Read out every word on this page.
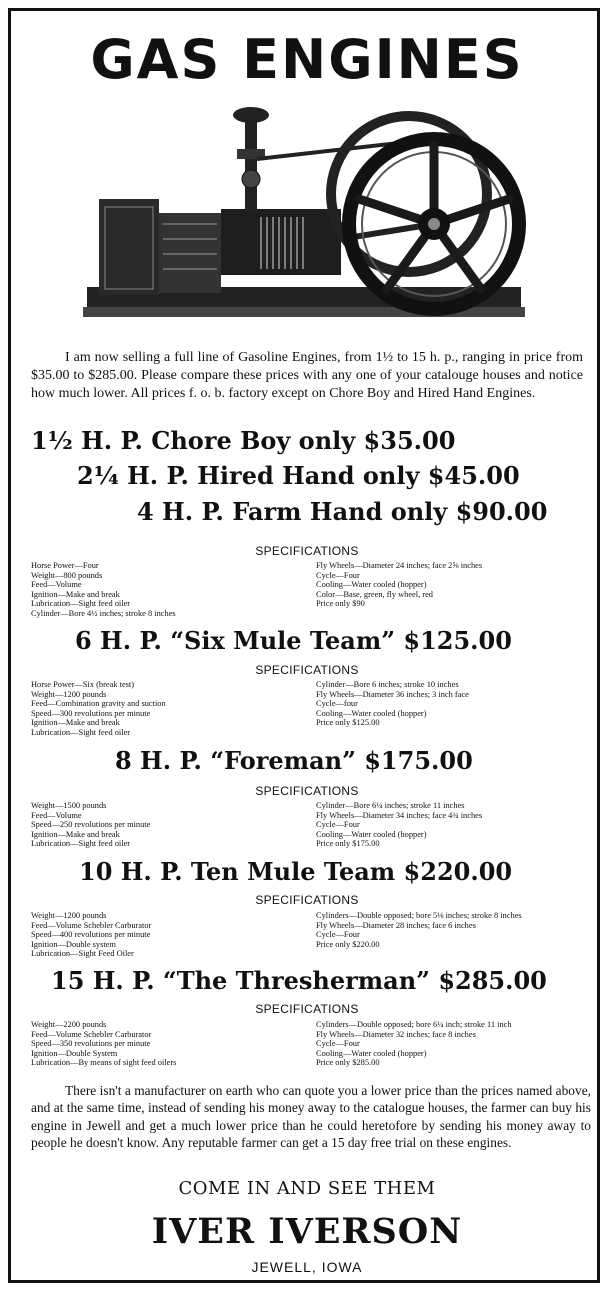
GAS ENGINES
I am now selling a full line of Gasoline Engines, from 1½ to 15 h. p., ranging in price from $35.00 to $285.00. Please compare these prices with any one of your catalouge houses and notice how much lower. All prices f. o. b. factory except on Chore Boy and Hired Hand Engines.
1½ H. P. Chore Boy only $35.00
2¼ H. P. Hired Hand only $45.00
4 H. P. Farm Hand only $90.00
SPECIFICATIONS
Horse Power—Four
Weight—800 pounds
Feed—Volume
Ignition—Make and break
Lubrication—Sight feed oiler
Cylinder—Bore 4½ inches; stroke 8 inches
Fly Wheels—Diameter 24 inches; face 2⅝ inches
Cycle—Four
Cooling—Water cooled (hopper)
Color—Base, green, fly wheel, red
Price only $90
6 H. P. “Six Mule Team” $125.00
SPECIFICATIONS
Horse Power—Six (break test)
Weight—1200 pounds
Feed—Combination gravity and suction
Speed—300 revolutions per minute
Ignition—Make and break
Lubrication—Sight feed oiler
Cylinder—Bore 6 inches; stroke 10 inches
Fly Wheels—Diameter 36 inches; 3 inch face
Cycle—four
Cooling—Water cooled (hopper)
Price only $125.00
8 H. P. “Foreman” $175.00
SPECIFICATIONS
Weight—1500 pounds
Feed—Volume
Speed—250 revolutions per minute
Ignition—Make and break
Lubrication—Sight feed oiler
Cylinder—Bore 6¼ inches; stroke 11 inches
Fly Wheels—Diameter 34 inches; face 4¾ inches
Cycle—Four
Cooling—Water cooled (hopper)
Price only $175.00
10 H. P. Ten Mule Team $220.00
SPECIFICATIONS
Weight—1200 pounds
Feed—Volume Schebler Carburator
Speed—400 revolutions per minute
Ignition—Double system
Lubrication—Sight Feed Oiler
Cylinders—Double opposed; bore 5⅛ inches; stroke 8 inches
Fly Wheels—Diameter 28 inches; face 6 inches
Cycle—Four
Price only $220.00
15 H. P. “The Thresherman” $285.00
SPECIFICATIONS
Weight—2200 pounds
Feed—Volume Schebler Carburator
Speed—350 revolutions per minute
Ignition—Double System
Lubrication—By means of sight feed oilers
Cylinders—Double opposed; bore 6¼ inch; stroke 11 inch
Fly Wheels—Diameter 32 inches; face 8 inches
Cycle—Four
Cooling—Water cooled (hopper)
Price only $285.00
There isn't a manufacturer on earth who can quote you a lower price than the prices named above, and at the same time, instead of sending his money away to the catalogue houses, the farmer can buy his engine in Jewell and get a much lower price than he could heretofore by sending his money away to people he doesn't know. Any reputable farmer can get a 15 day free trial on these engines.
COME IN AND SEE THEM
IVER IVERSON
JEWELL, IOWA
